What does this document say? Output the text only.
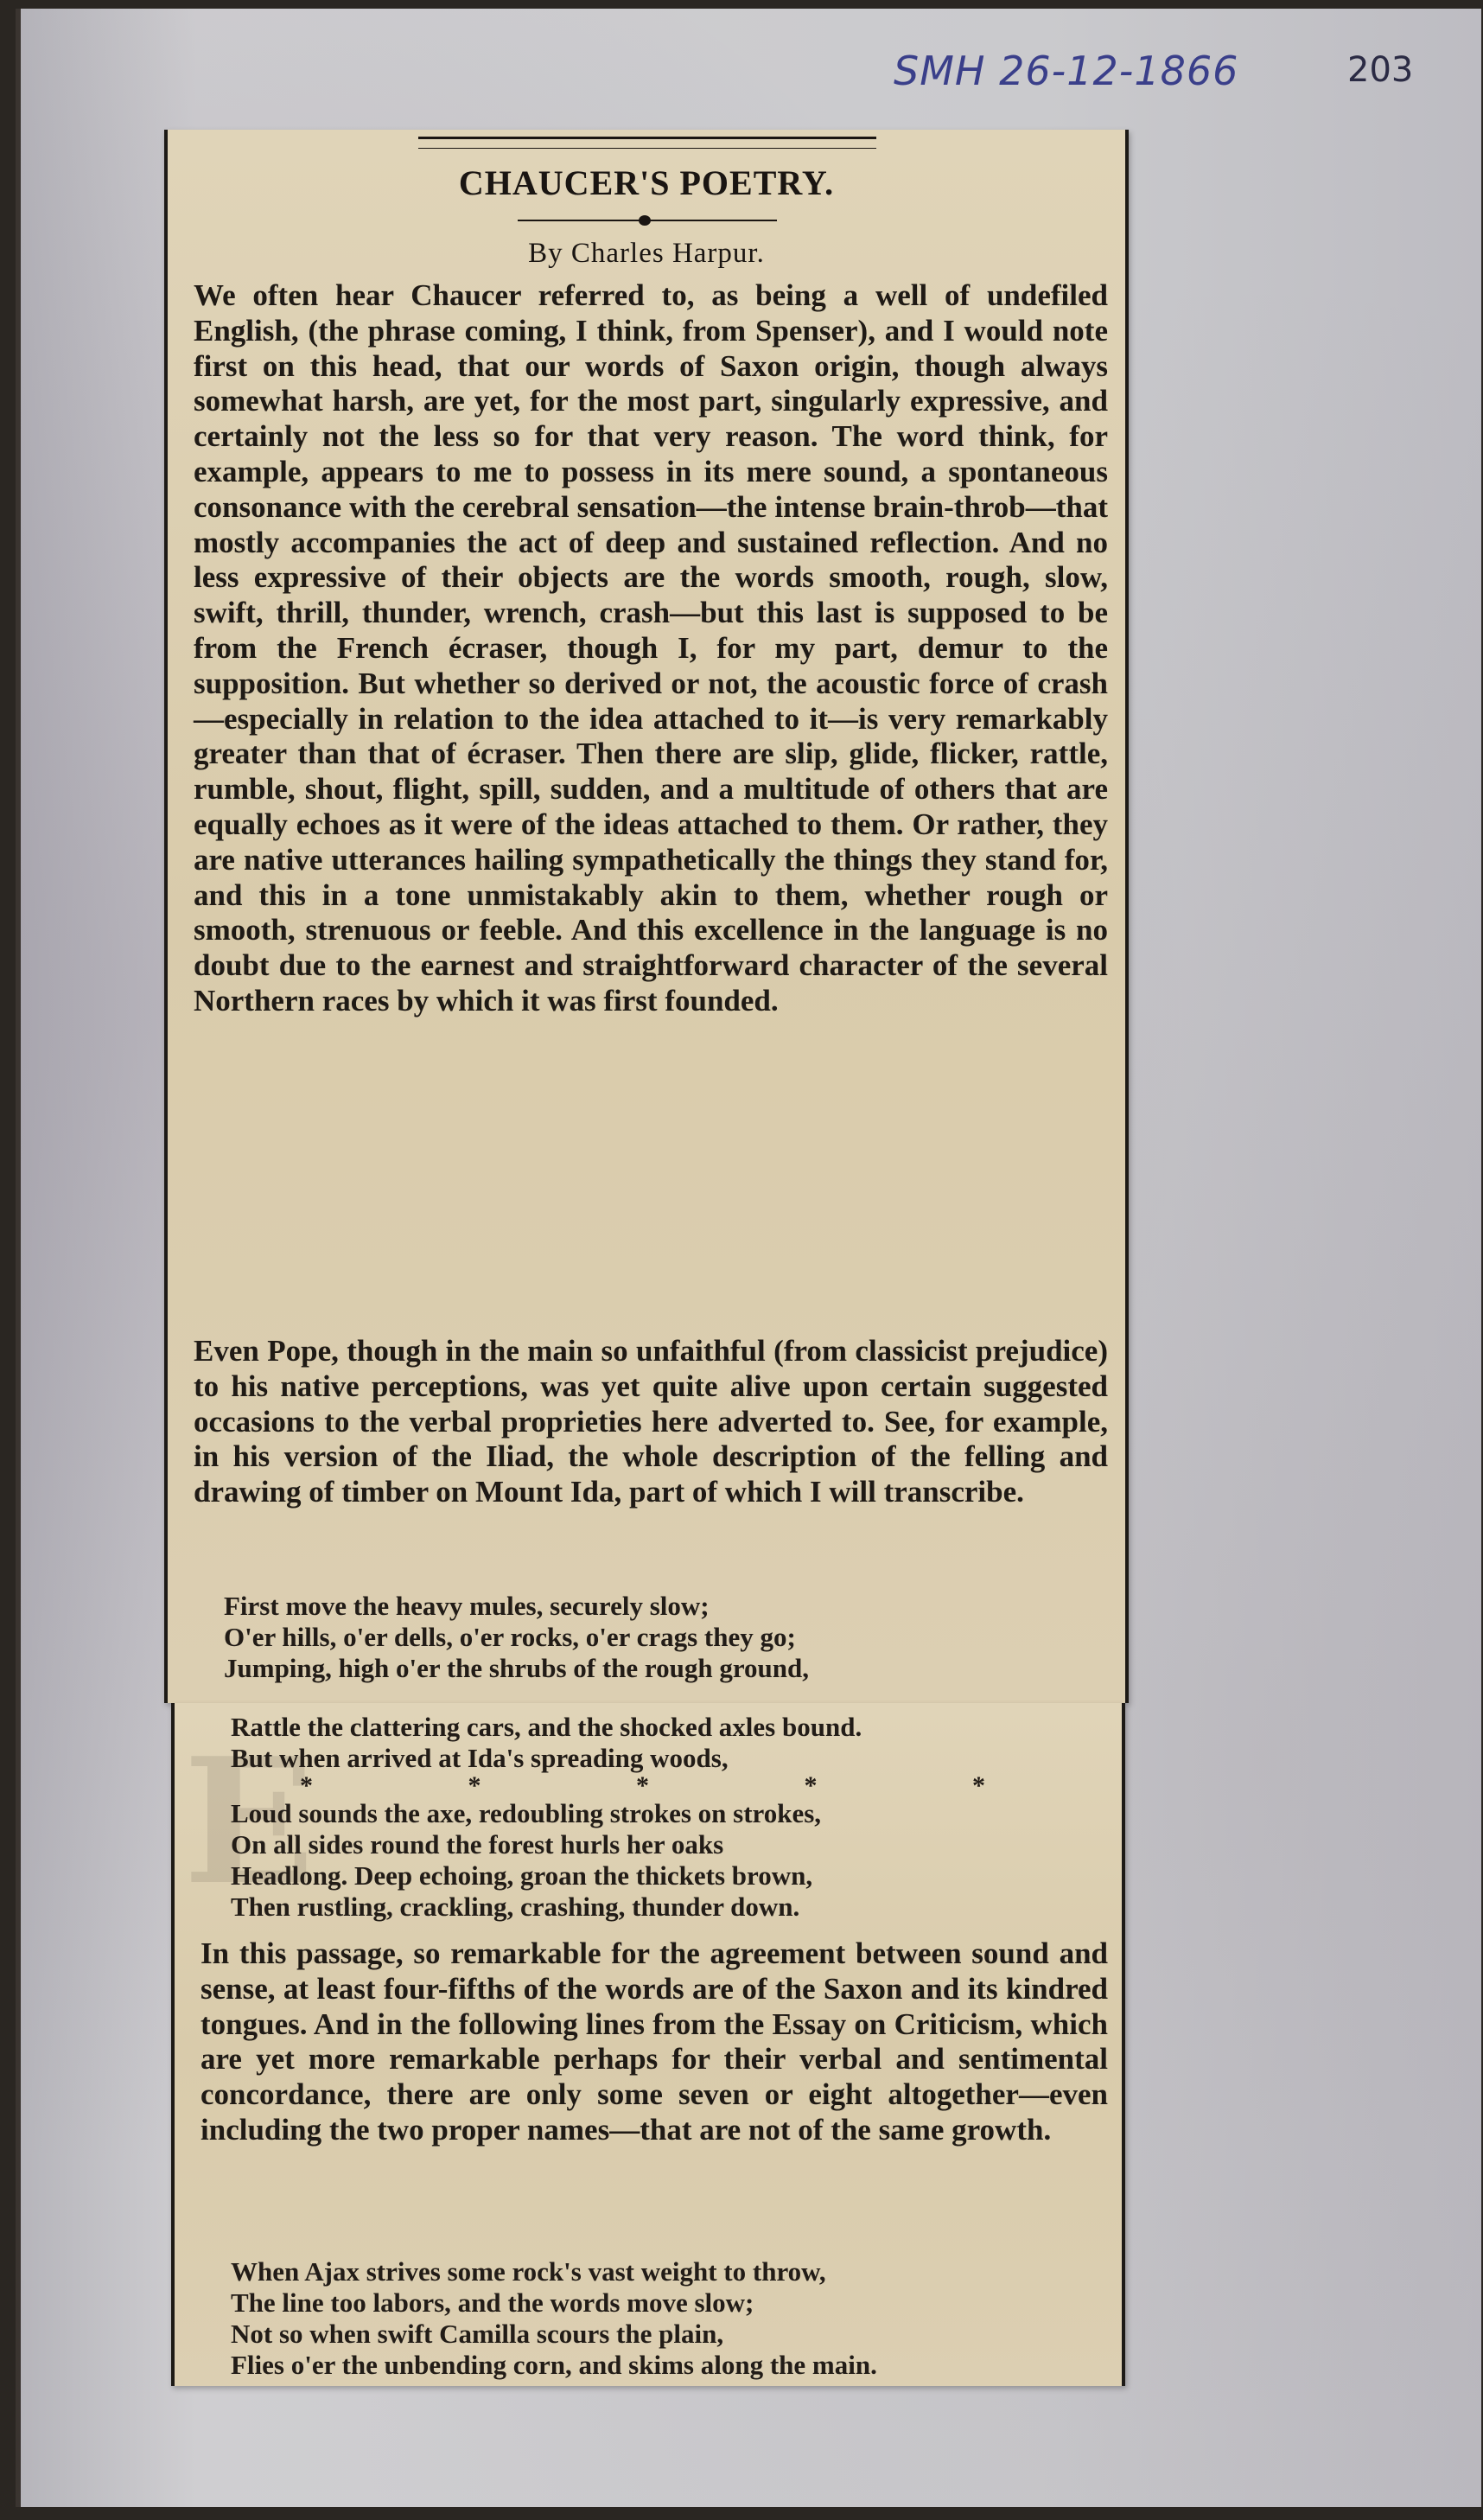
SMH 26-12-1866	203
CHAUCER'S POETRY.
By Charles Harpur.

We often hear Chaucer referred to, as being a well of undefiled English, (the phrase coming, I think, from Spenser), and I would note first on this head, that our words of Saxon origin, though always somewhat harsh, are yet, for the most part, singularly expressive, and certainly not the less so for that very reason. The word think, for example, appears to me to possess in its mere sound, a spontaneous consonance with the cerebral sensation—the intense brain-throb—that mostly accompanies the act of deep and sustained reflection. And no less expressive of their objects are the words smooth, rough, slow, swift, thrill, thunder, wrench, crash—but this last is supposed to be from the French écraser, though I, for my part, demur to the supposition. But whether so derived or not, the acoustic force of crash—especially in relation to the idea attached to it—is very remarkably greater than that of écraser. Then there are slip, glide, flicker, rattle, rumble, shout, flight, spill, sudden, and a multitude of others that are equally echoes as it were of the ideas attached to them. Or rather, they are native utterances hailing sympathetically the things they stand for, and this in a tone unmistakably akin to them, whether rough or smooth, strenuous or feeble. And this excellence in the language is no doubt due to the earnest and straightforward character of the several Northern races by which it was first founded.

Even Pope, though in the main so unfaithful (from classicist prejudice) to his native perceptions, was yet quite alive upon certain suggested occasions to the verbal proprieties here adverted to. See, for example, in his version of the Iliad, the whole description of the felling and drawing of timber on Mount Ida, part of which I will transcribe.

First move the heavy mules, securely slow;
O'er hills, o'er dells, o'er rocks, o'er crags they go;
Jumping, high o'er the shrubs of the rough ground,
E
Rattle the clattering cars, and the shocked axles bound.
But when arrived at Ida's spreading woods,
* * * * *
Loud sounds the axe, redoubling strokes on strokes,
On all sides round the forest hurls her oaks
Headlong. Deep echoing, groan the thickets brown,
Then rustling, crackling, crashing, thunder down.

In this passage, so remarkable for the agreement between sound and sense, at least four-fifths of the words are of the Saxon and its kindred tongues. And in the following lines from the Essay on Criticism, which are yet more remarkable perhaps for their verbal and sentimental concordance, there are only some seven or eight altogether—even including the two proper names—that are not of the same growth.

When Ajax strives some rock's vast weight to throw,
The line too labors, and the words move slow;
Not so when swift Camilla scours the plain,
Flies o'er the unbending corn, and skims along the main.
